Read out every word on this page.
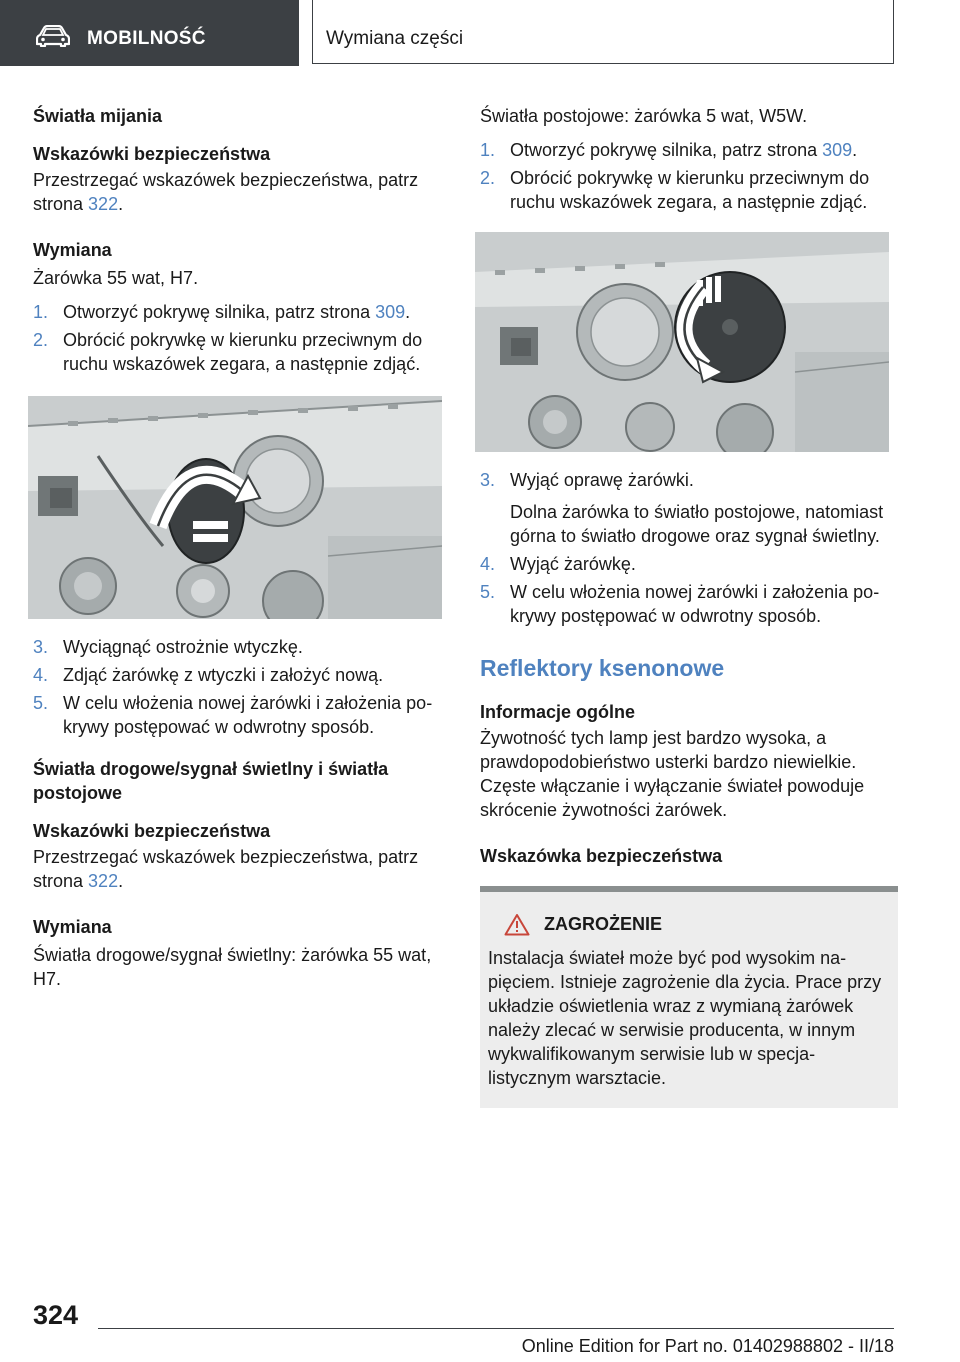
MOBILNOŚĆ	Wymiana części
Światła mijania
Wskazówki bezpieczeństwa

Przestrzegać wskazówek bezpieczeństwa, patrz strona 322.

Wymiana

Żarówka 55 wat, H7.

1. Otworzyć pokrywę silnika, patrz strona 309.
2. Obrócić pokrywkę w kierunku przeciwnym do ruchu wskazówek zegara, a następnie zdjąć.
3. Wyciągnąć ostrożnie wtyczkę.
4. Zdjąć żarówkę z wtyczki i założyć nową.
5. W celu włożenia nowej żarówki i założenia pokrywy postępować w odwrotny sposób.
Światła drogowe/sygnał świetlny i światła postojowe
Wskazówki bezpieczeństwa

Przestrzegać wskazówek bezpieczeństwa, patrz strona 322.

Wymiana

Światła drogowe/sygnał świetlny: żarówka 55 wat, H7.

Światła postojowe: żarówka 5 wat, W5W.

1. Otworzyć pokrywę silnika, patrz strona 309.
2. Obrócić pokrywkę w kierunku przeciwnym do ruchu wskazówek zegara, a następnie zdjąć.
3. Wyjąć oprawę żarówki.
Dolna żarówka to światło postojowe, natomiast górna to światło drogowe oraz sygnał świetlny.
4. Wyjąć żarówkę.
5. W celu włożenia nowej żarówki i założenia pokrywy postępować w odwrotny sposób.
Reflektory ksenonowe
Informacje ogólne

Żywotność tych lamp jest bardzo wysoka, a prawdopodobieństwo usterki bardzo niewielkie. Częste włączanie i wyłączanie świateł powoduje skrócenie żywotności żarówek.

Wskazówka bezpieczeństwa
ZAGROŻENIE

Instalacja świateł może być pod wysokim napięciem. Istnieje zagrożenie dla życia. Prace przy układzie oświetlenia wraz z wymianą żarówek należy zlecać w serwisie producenta, w innym wykwalifikowanym serwisie lub w specjalistycznym warsztacie.

324
Online Edition for Part no. 01402988802 - II/18
